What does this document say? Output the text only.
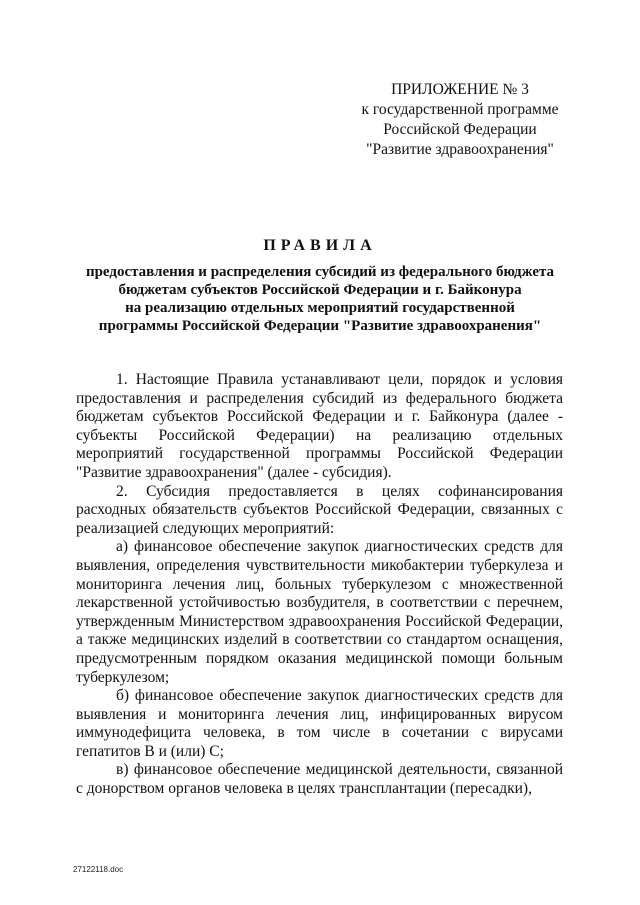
ПРИЛОЖЕНИЕ № 3
к государственной программе
Российской Федерации
"Развитие здравоохранения"
ПРАВИЛА
предоставления и распределения субсидий из федерального бюджета
бюджетам субъектов Российской Федерации и г. Байконура
на реализацию отдельных мероприятий государственной
программы Российской Федерации "Развитие здравоохранения"

1. Настоящие Правила устанавливают цели, порядок и условия предоставления и распределения субсидий из федерального бюджета бюджетам субъектов Российской Федерации и г. Байконура (далее - субъекты Российской Федерации) на реализацию отдельных мероприятий государственной программы Российской Федерации "Развитие здравоохранения" (далее - субсидия).

2. Субсидия предоставляется в целях софинансирования расходных обязательств субъектов Российской Федерации, связанных с реализацией следующих мероприятий:

а) финансовое обеспечение закупок диагностических средств для выявления, определения чувствительности микобактерии туберкулеза и мониторинга лечения лиц, больных туберкулезом с множественной лекарственной устойчивостью возбудителя, в соответствии с перечнем, утвержденным Министерством здравоохранения Российской Федерации, а также медицинских изделий в соответствии со стандартом оснащения, предусмотренным порядком оказания медицинской помощи больным туберкулезом;

б) финансовое обеспечение закупок диагностических средств для выявления и мониторинга лечения лиц, инфицированных вирусом иммунодефицита человека, в том числе в сочетании с вирусами гепатитов В и (или) С;

в) финансовое обеспечение медицинской деятельности, связанной с донорством органов человека в целях трансплантации (пересадки),

27122118.doc
